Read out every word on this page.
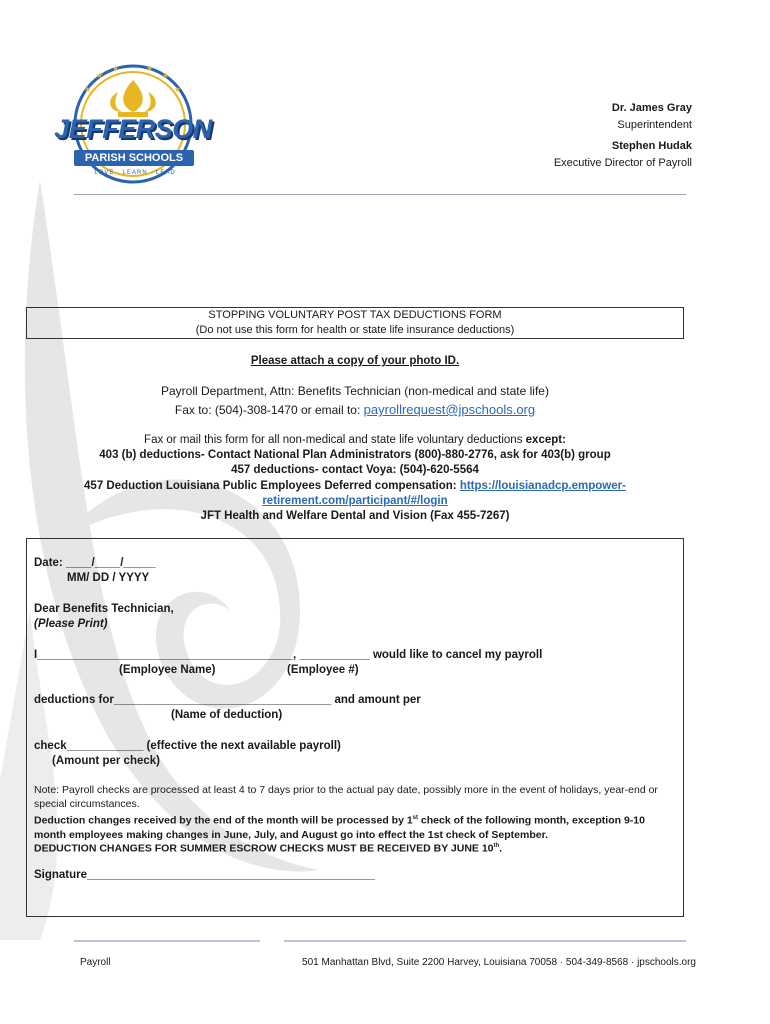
★
★
★	★
★
★
JEFFERSON
PARISH SCHOOLS
LOVE · LEARN · LEAD
Dr. James Gray
Superintendent
Stephen Hudak
Executive Director of Payroll
STOPPING VOLUNTARY POST TAX DEDUCTIONS FORM
(Do not use this form for health or state life insurance deductions)
Please attach a copy of your photo ID.
Payroll Department, Attn: Benefits Technician (non-medical and state life)
Fax to: (504)-308-1470 or email to: payrollrequest@jpschools.org
Fax or mail this form for all non-medical and state life voluntary deductions except:
403 (b) deductions- Contact National Plan Administrators (800)-880-2776, ask for 403(b) group
457 deductions- contact Voya: (504)-620-5564
457 Deduction Louisiana Public Employees Deferred compensation: https://louisianadcp.empower-
retirement.com/participant/#/login
JFT Health and Welfare Dental and Vision (Fax 455-7267)
Date: ____/____/_____
MM/ DD / YYYY
Dear Benefits Technician,
(Please Print)
I________________________________________, ___________ would like to cancel my payroll
(Employee Name)	(Employee #)
deductions for__________________________________ and amount per
(Name of deduction)
check____________ (effective the next available payroll)
(Amount per check)
Note: Payroll checks are processed at least 4 to 7 days prior to the actual pay date, possibly more in the event of holidays, year-end or special circumstances.
Deduction changes received by the end of the month will be processed by 1st check of the following month, exception 9-10 month employees making changes in June, July, and August go into effect the 1st check of September.
DEDUCTION CHANGES FOR SUMMER ESCROW CHECKS MUST BE RECEIVED BY JUNE 10th.
Signature_____________________________________________
Payroll	501 Manhattan Blvd, Suite 2200 Harvey, Louisiana 70058 · 504-349-8568 · jpschools.org
